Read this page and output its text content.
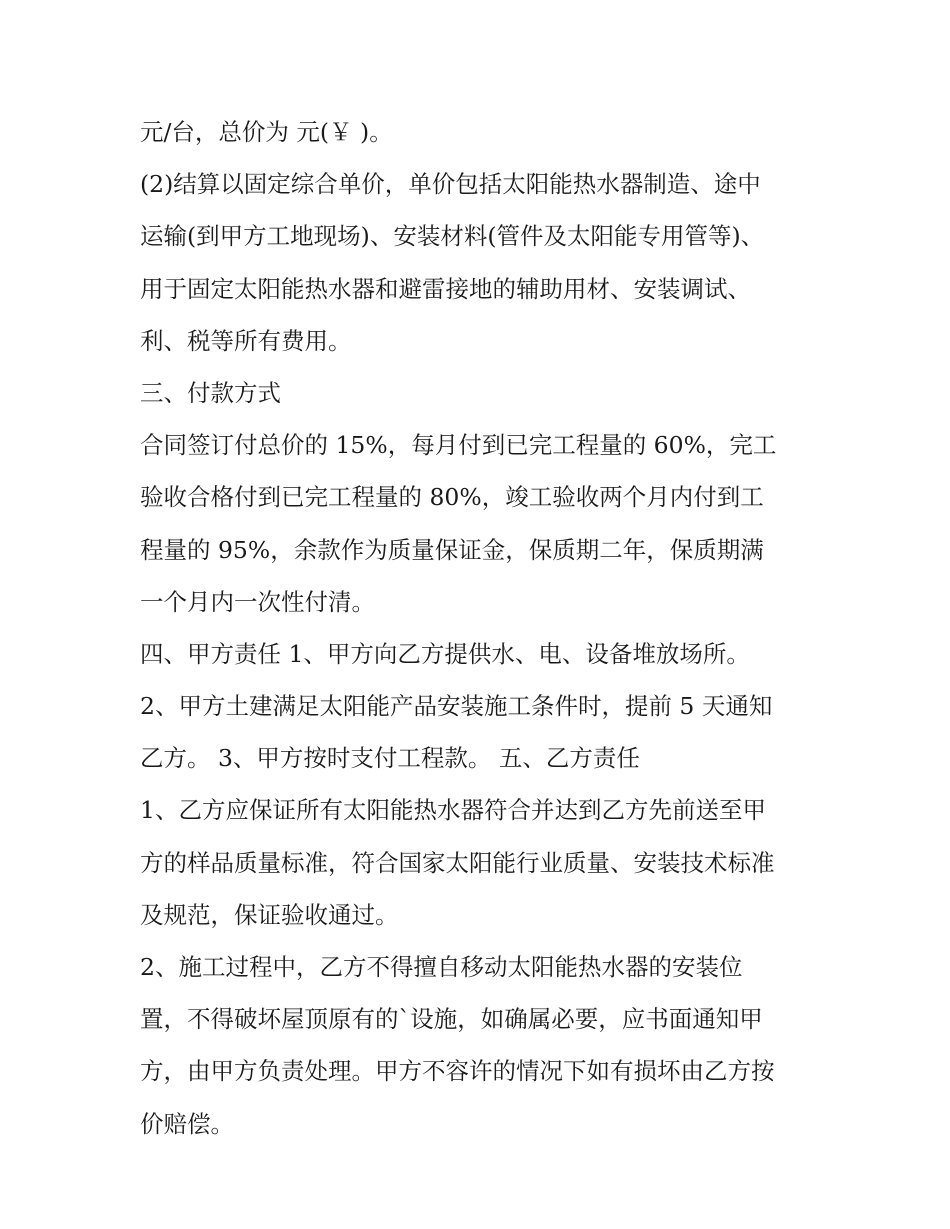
元/台，总价为 元(￥ )。
(2)结算以固定综合单价，单价包括太阳能热水器制造、途中
运输(到甲方工地现场)、安装材料(管件及太阳能专用管等)、
用于固定太阳能热水器和避雷接地的辅助用材、安装调试、
利、税等所有费用。
三、付款方式
合同签订付总价的 15%，每月付到已完工程量的 60%，完工
验收合格付到已完工程量的 80%，竣工验收两个月内付到工
程量的 95%，余款作为质量保证金，保质期二年，保质期满
一个月内一次性付清。
四、甲方责任 1、甲方向乙方提供水、电、设备堆放场所。
2、甲方土建满足太阳能产品安装施工条件时，提前 5 天通知
乙方。 3、甲方按时支付工程款。 五、乙方责任
1、乙方应保证所有太阳能热水器符合并达到乙方先前送至甲
方的样品质量标准，符合国家太阳能行业质量、安装技术标准
及规范，保证验收通过。
2、施工过程中，乙方不得擅自移动太阳能热水器的安装位
置，不得破坏屋顶原有的`设施，如确属必要，应书面通知甲
方，由甲方负责处理。甲方不容许的情况下如有损坏由乙方按
价赔偿。
